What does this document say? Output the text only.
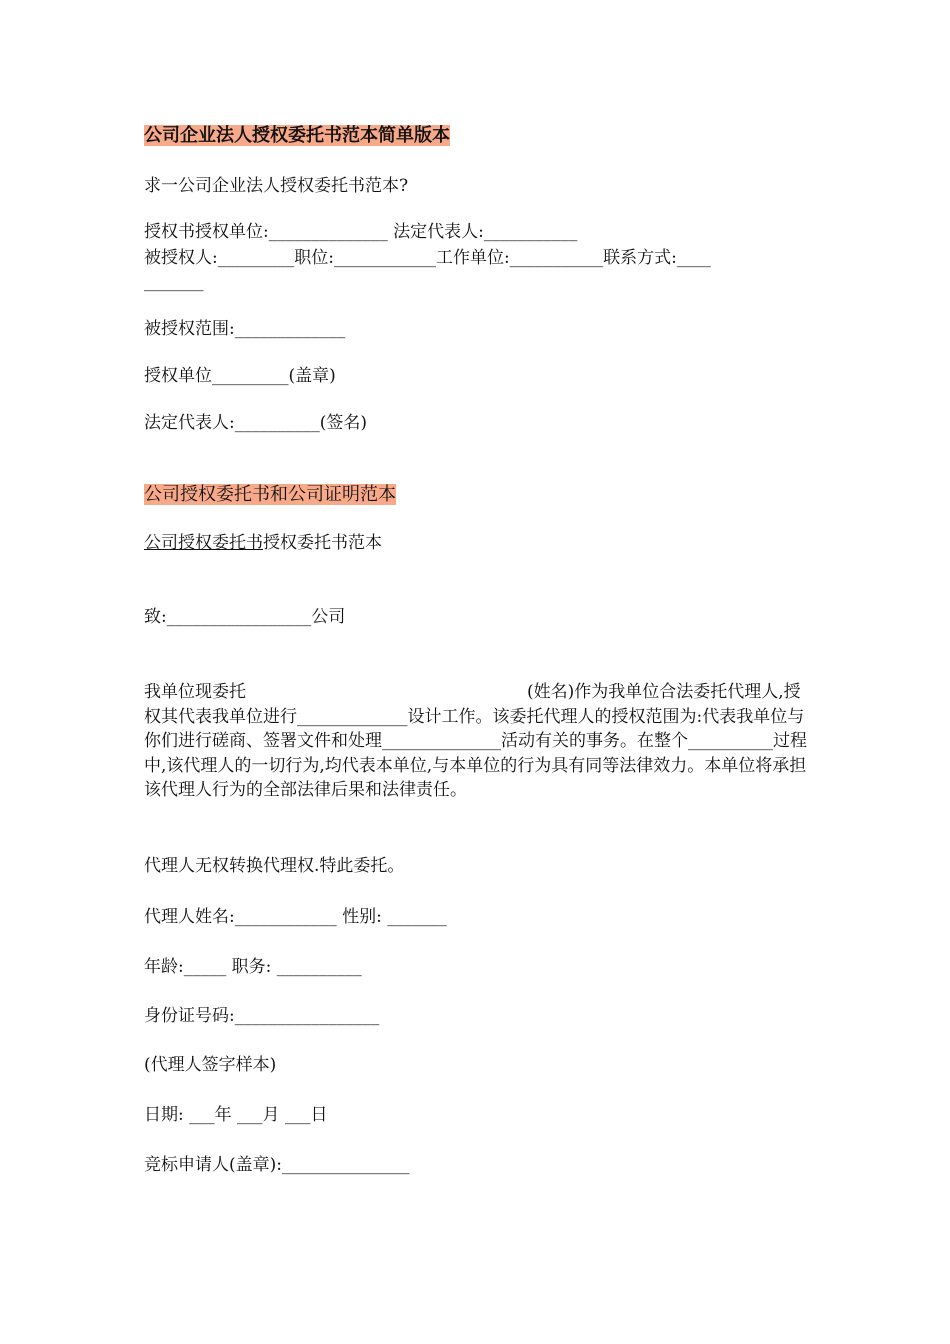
公司企业法人授权委托书范本简单版本
求一公司企业法人授权委托书范本?
授权书授权单位:______________ 法定代表人:___________
被授权人:_________职位:____________工作单位:___________联系方式:____
_______
被授权范围:_____________
授权单位_________(盖章)
法定代表人:__________(签名)
公司授权委托书和公司证明范本
公司授权委托书授权委托书范本
致:_________________公司
我单位现委托                                                    (姓名)作为我单位合法委托代理人,授权其代表我单位进行_____________设计工作。该委托代理人的授权范围为:代表我单位与你们进行磋商、签署文件和处理______________活动有关的事务。在整个__________过程中,该代理人的一切行为,均代表本单位,与本单位的行为具有同等法律效力。本单位将承担该代理人行为的全部法律后果和法律责任。
代理人无权转换代理权.特此委托。
代理人姓名:____________ 性别: _______
年龄:_____ 职务: __________
身份证号码:_________________
(代理人签字样本)
日期: ___年 ___月 ___日
竞标申请人(盖章):_______________
